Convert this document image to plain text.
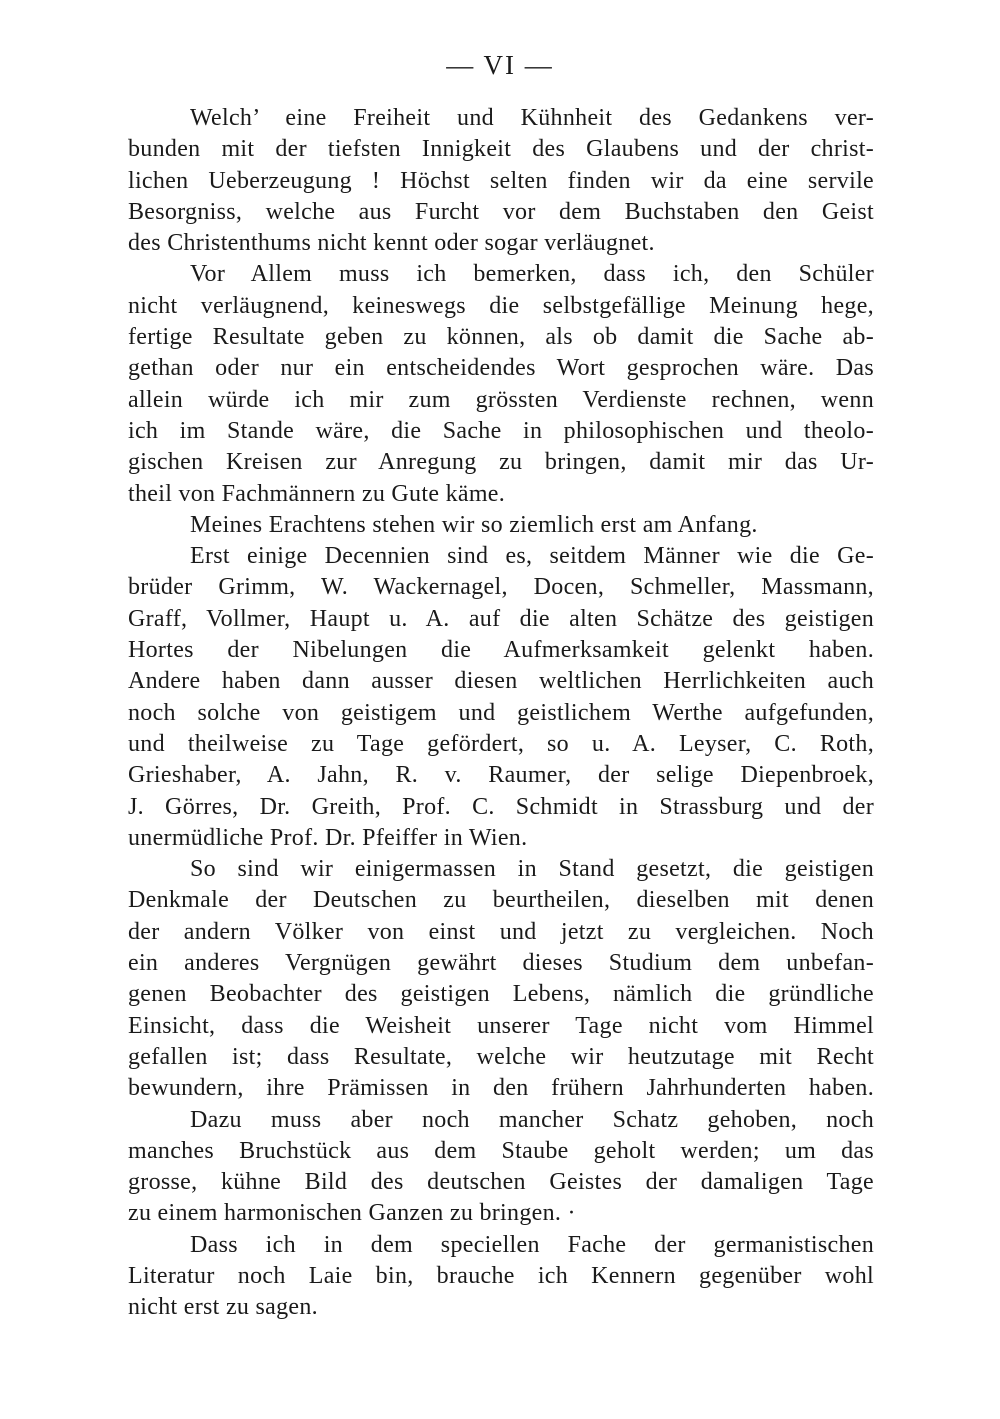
— VI —
Welch’ eine Freiheit und Kühnheit des Gedankens ver-
bunden mit der tiefsten Innigkeit des Glaubens und der christ-
lichen Ueberzeugung ! Höchst selten finden wir da eine servile
Besorgniss, welche aus Furcht vor dem Buchstaben den Geist
des Christenthums nicht kennt oder sogar verläugnet.
Vor Allem muss ich bemerken, dass ich, den Schüler
nicht verläugnend, keineswegs die selbstgefällige Meinung hege,
fertige Resultate geben zu können, als ob damit die Sache ab-
gethan oder nur ein entscheidendes Wort gesprochen wäre. Das
allein würde ich mir zum grössten Verdienste rechnen, wenn
ich im Stande wäre, die Sache in philosophischen und theolo-
gischen Kreisen zur Anregung zu bringen, damit mir das Ur-
theil von Fachmännern zu Gute käme.
Meines Erachtens stehen wir so ziemlich erst am Anfang.
Erst einige Decennien sind es, seitdem Männer wie die Ge-
brüder Grimm, W. Wackernagel, Docen, Schmeller, Massmann,
Graff, Vollmer, Haupt u. A. auf die alten Schätze des geistigen
Hortes der Nibelungen die Aufmerksamkeit gelenkt haben.
Andere haben dann ausser diesen weltlichen Herrlichkeiten auch
noch solche von geistigem und geistlichem Werthe aufgefunden,
und theilweise zu Tage gefördert, so u. A. Leyser, C. Roth,
Grieshaber, A. Jahn, R. v. Raumer, der selige Diepenbroek,
J. Görres, Dr. Greith, Prof. C. Schmidt in Strassburg und der
unermüdliche Prof. Dr. Pfeiffer in Wien.
So sind wir einigermassen in Stand gesetzt, die geistigen
Denkmale der Deutschen zu beurtheilen, dieselben mit denen
der andern Völker von einst und jetzt zu vergleichen. Noch
ein anderes Vergnügen gewährt dieses Studium dem unbefan-
genen Beobachter des geistigen Lebens, nämlich die gründliche
Einsicht, dass die Weisheit unserer Tage nicht vom Himmel
gefallen ist; dass Resultate, welche wir heutzutage mit Recht
bewundern, ihre Prämissen in den frühern Jahrhunderten haben.
Dazu muss aber noch mancher Schatz gehoben, noch
manches Bruchstück aus dem Staube geholt werden; um das
grosse, kühne Bild des deutschen Geistes der damaligen Tage
zu einem harmonischen Ganzen zu bringen. ·
Dass ich in dem speciellen Fache der germanistischen
Literatur noch Laie bin, brauche ich Kennern gegenüber wohl
nicht erst zu sagen.
